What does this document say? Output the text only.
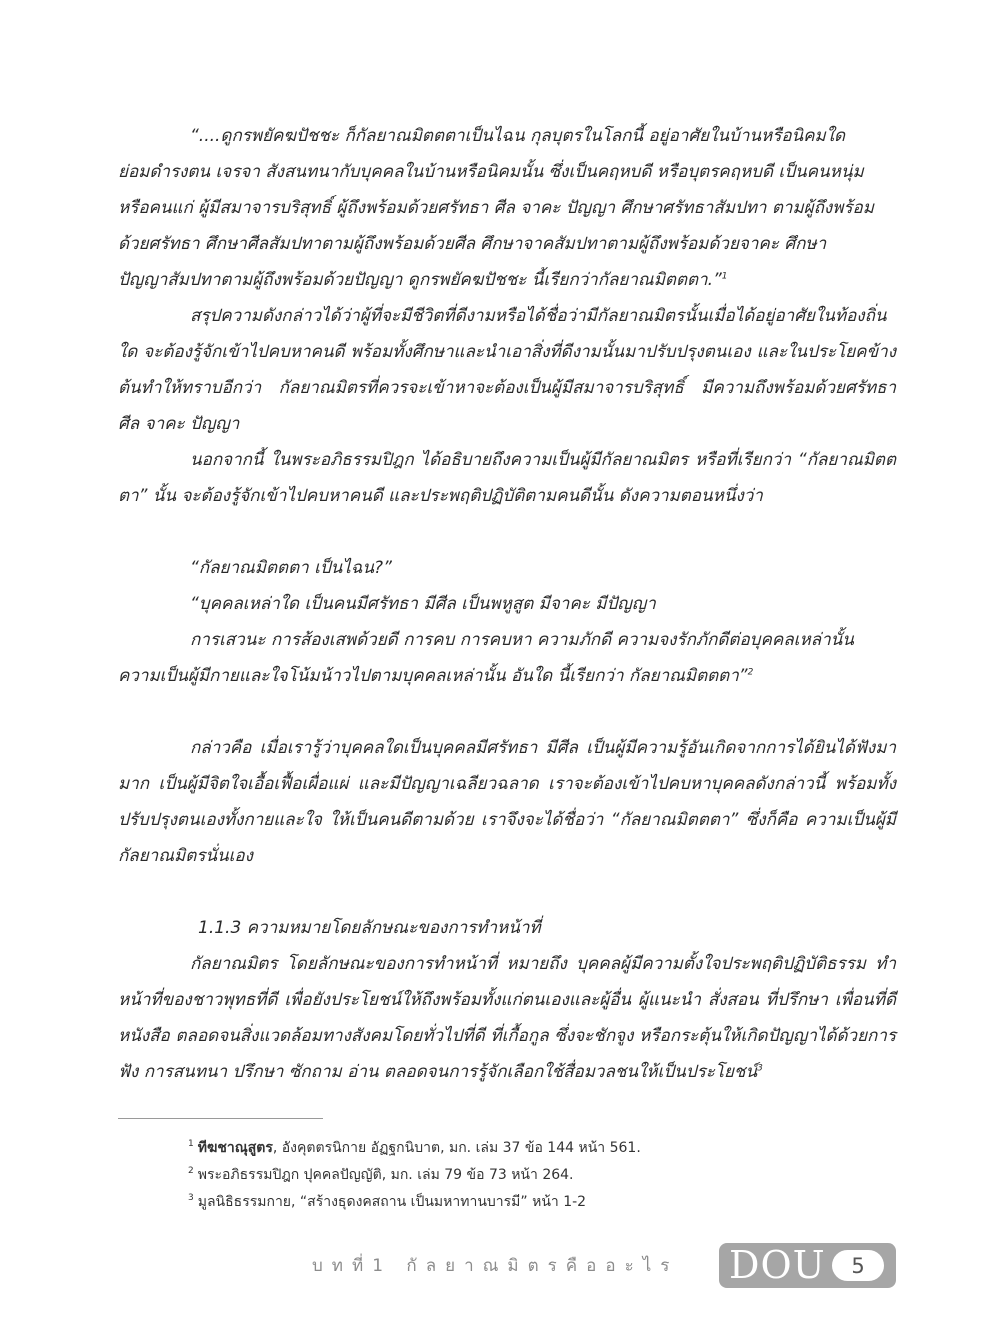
“....ดูกรพยัคฆปัชชะ ก็กัลยาณมิตตตาเป็นไฉน กุลบุตรในโลกนี้ อยู่อาศัยในบ้านหรือนิคมใด

ย่อมดำรงตน เจรจา สังสนทนากับบุคคลในบ้านหรือนิคมนั้น ซึ่งเป็นคฤหบดี หรือบุตรคฤหบดี เป็นคนหนุ่ม

หรือคนแก่ ผู้มีสมาจารบริสุทธิ์ ผู้ถึงพร้อมด้วยศรัทธา ศีล จาคะ ปัญญา ศึกษาศรัทธาสัมปทา ตามผู้ถึงพร้อม

ด้วยศรัทธา ศึกษาศีลสัมปทาตามผู้ถึงพร้อมด้วยศีล ศึกษาจาคสัมปทาตามผู้ถึงพร้อมด้วยจาคะ ศึกษา

ปัญญาสัมปทาตามผู้ถึงพร้อมด้วยปัญญา ดูกรพยัคฆปัชชะ นี้เรียกว่ากัลยาณมิตตตา.”$^1$

สรุปความดังกล่าวได้ว่าผู้ที่จะมีชีวิตที่ดีงามหรือได้ชื่อว่ามีกัลยาณมิตรนั้นเมื่อได้อยู่อาศัยในท้องถิ่นใด จะต้องรู้จักเข้าไปคบหาคนดี พร้อมทั้งศึกษาและนำเอาสิ่งที่ดีงามนั้นมาปรับปรุงตนเอง และในประโยคข้างต้นทำให้ทราบอีกว่า กัลยาณมิตรที่ควรจะเข้าหาจะต้องเป็นผู้มีสมาจารบริสุทธิ์ มีความถึงพร้อมด้วยศรัทธา ศีล จาคะ ปัญญา

นอกจากนี้ ในพระอภิธรรมปิฎก ได้อธิบายถึงความเป็นผู้มีกัลยาณมิตร หรือที่เรียกว่า “กัลยาณมิตตตา” นั้น จะต้องรู้จักเข้าไปคบหาคนดี และประพฤติปฏิบัติตามคนดีนั้น ดังความตอนหนึ่งว่า

“กัลยาณมิตตตา เป็นไฉน?”

“บุคคลเหล่าใด เป็นคนมีศรัทธา มีศีล เป็นพหูสูต มีจาคะ มีปัญญา

การเสวนะ การส้องเสพด้วยดี การคบ การคบหา ความภักดี ความจงรักภักดีต่อบุคคลเหล่านั้น

ความเป็นผู้มีกายและใจโน้มน้าวไปตามบุคคลเหล่านั้น อันใด นี้เรียกว่า กัลยาณมิตตตา”$^2$

กล่าวคือ เมื่อเรารู้ว่าบุคคลใดเป็นบุคคลมีศรัทธา มีศีล เป็นผู้มีความรู้อันเกิดจากการได้ยินได้ฟังมามาก เป็นผู้มีจิตใจเอื้อเฟื้อเผื่อแผ่ และมีปัญญาเฉลียวฉลาด เราจะต้องเข้าไปคบหาบุคคลดังกล่าวนี้ พร้อมทั้งปรับปรุงตนเองทั้งกายและใจ ให้เป็นคนดีตามด้วย เราจึงจะได้ชื่อว่า “กัลยาณมิตตตา” ซึ่งก็คือ ความเป็นผู้มีกัลยาณมิตรนั่นเอง

1.1.3 ความหมายโดยลักษณะของการทำหน้าที่

กัลยาณมิตร โดยลักษณะของการทำหน้าที่ หมายถึง บุคคลผู้มีความตั้งใจประพฤติปฏิบัติธรรม ทำหน้าที่ของชาวพุทธที่ดี เพื่อยังประโยชน์ให้ถึงพร้อมทั้งแก่ตนเองและผู้อื่น ผู้แนะนำ สั่งสอน ที่ปรึกษา เพื่อนที่ดี หนังสือ ตลอดจนสิ่งแวดล้อมทางสังคมโดยทั่วไปที่ดี ที่เกื้อกูล ซึ่งจะชักจูง หรือกระตุ้นให้เกิดปัญญาได้ด้วยการฟัง การสนทนา ปรึกษา ซักถาม อ่าน ตลอดจนการรู้จักเลือกใช้สื่อมวลชนให้เป็นประโยชน์$^3$

$^1$ ทีฆชาณุสูตร, อังคุตตรนิกาย อัฏฐกนิบาต, มก. เล่ม 37 ข้อ 144 หน้า 561.

$^2$ พระอภิธรรมปิฎก ปุคคลปัญญัติ, มก. เล่ม 79 ข้อ 73 หน้า 264.

$^3$ มูลนิธิธรรมกาย, “สร้างธุดงคสถาน เป็นมหาทานบารมี” หน้า 1-2

บทที่1 กัลยาณมิตรคืออะไร DOU	5
